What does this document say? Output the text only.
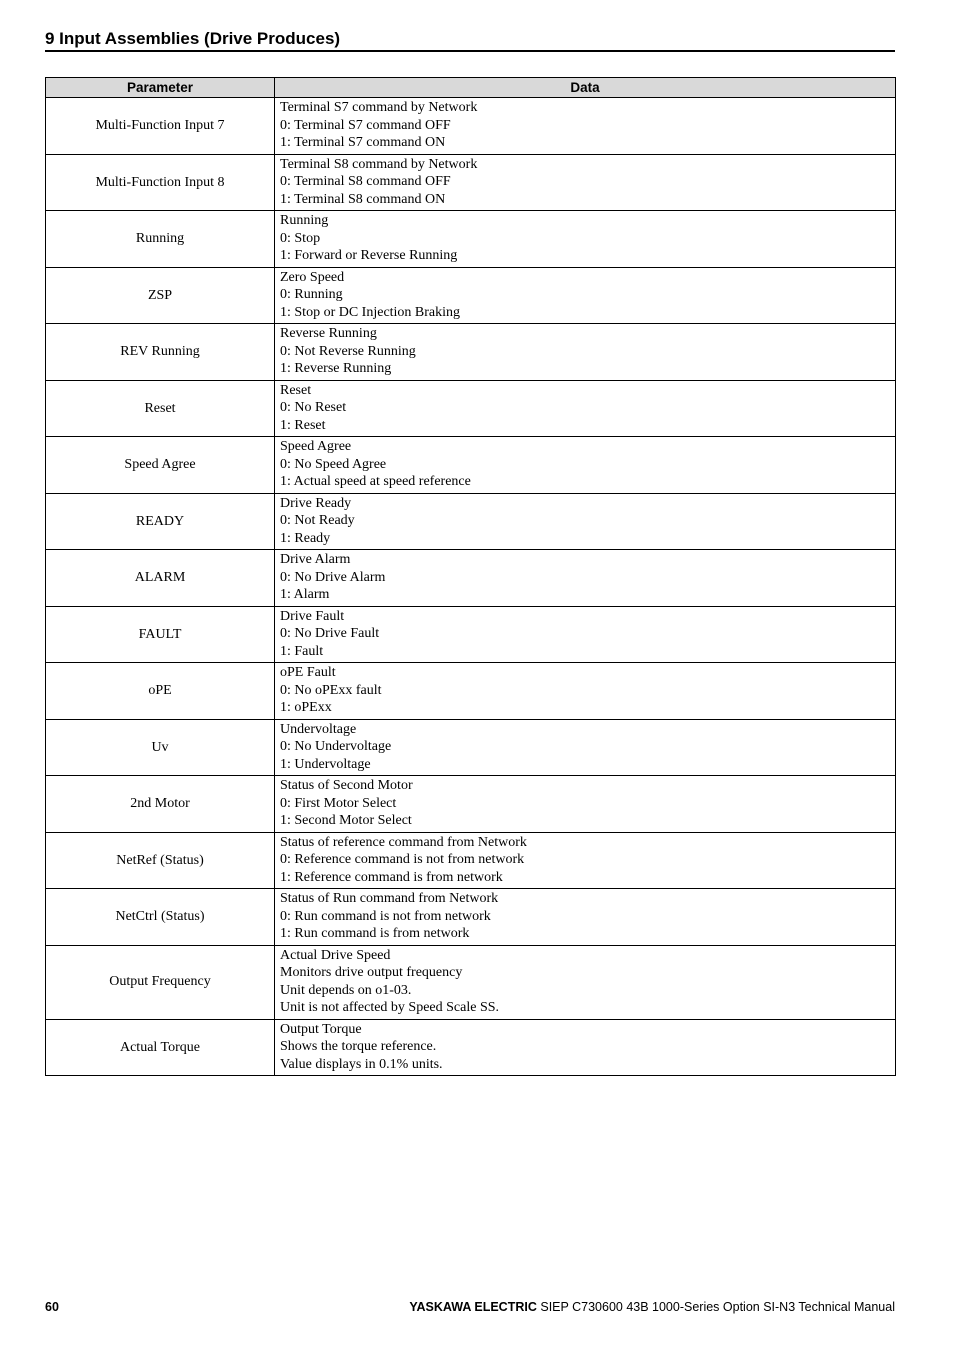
9 Input Assemblies (Drive Produces)
Parameter	Data
Multi-Function Input 7	Terminal S7 command by Network
0: Terminal S7 command OFF
1: Terminal S7 command ON

Multi-Function Input 8	Terminal S8 command by Network
0: Terminal S8 command OFF
1: Terminal S8 command ON

Running	Running
0: Stop
1: Forward or Reverse Running

ZSP	Zero Speed
0: Running
1: Stop or DC Injection Braking

REV Running	Reverse Running
0: Not Reverse Running
1: Reverse Running

Reset	Reset
0: No Reset
1: Reset

Speed Agree	Speed Agree
0: No Speed Agree
1: Actual speed at speed reference

READY	Drive Ready
0: Not Ready
1: Ready

ALARM	Drive Alarm
0: No Drive Alarm
1: Alarm

FAULT	Drive Fault
0: No Drive Fault
1: Fault

oPE	oPE Fault
0: No oPExx fault
1: oPExx

Uv	Undervoltage
0: No Undervoltage
1: Undervoltage

2nd Motor	Status of Second Motor
0: First Motor Select
1: Second Motor Select

NetRef (Status)	Status of reference command from Network
0: Reference command is not from network
1: Reference command is from network

NetCtrl (Status)	Status of Run command from Network
0: Run command is not from network
1: Run command is from network

Output Frequency	Actual Drive Speed
Monitors drive output frequency
Unit depends on o1-03.
Unit is not affected by Speed Scale SS.

Actual Torque	Output Torque
Shows the torque reference.
Value displays in 0.1% units.
60	YASKAWA ELECTRIC SIEP C730600 43B 1000-Series Option SI-N3 Technical Manual
